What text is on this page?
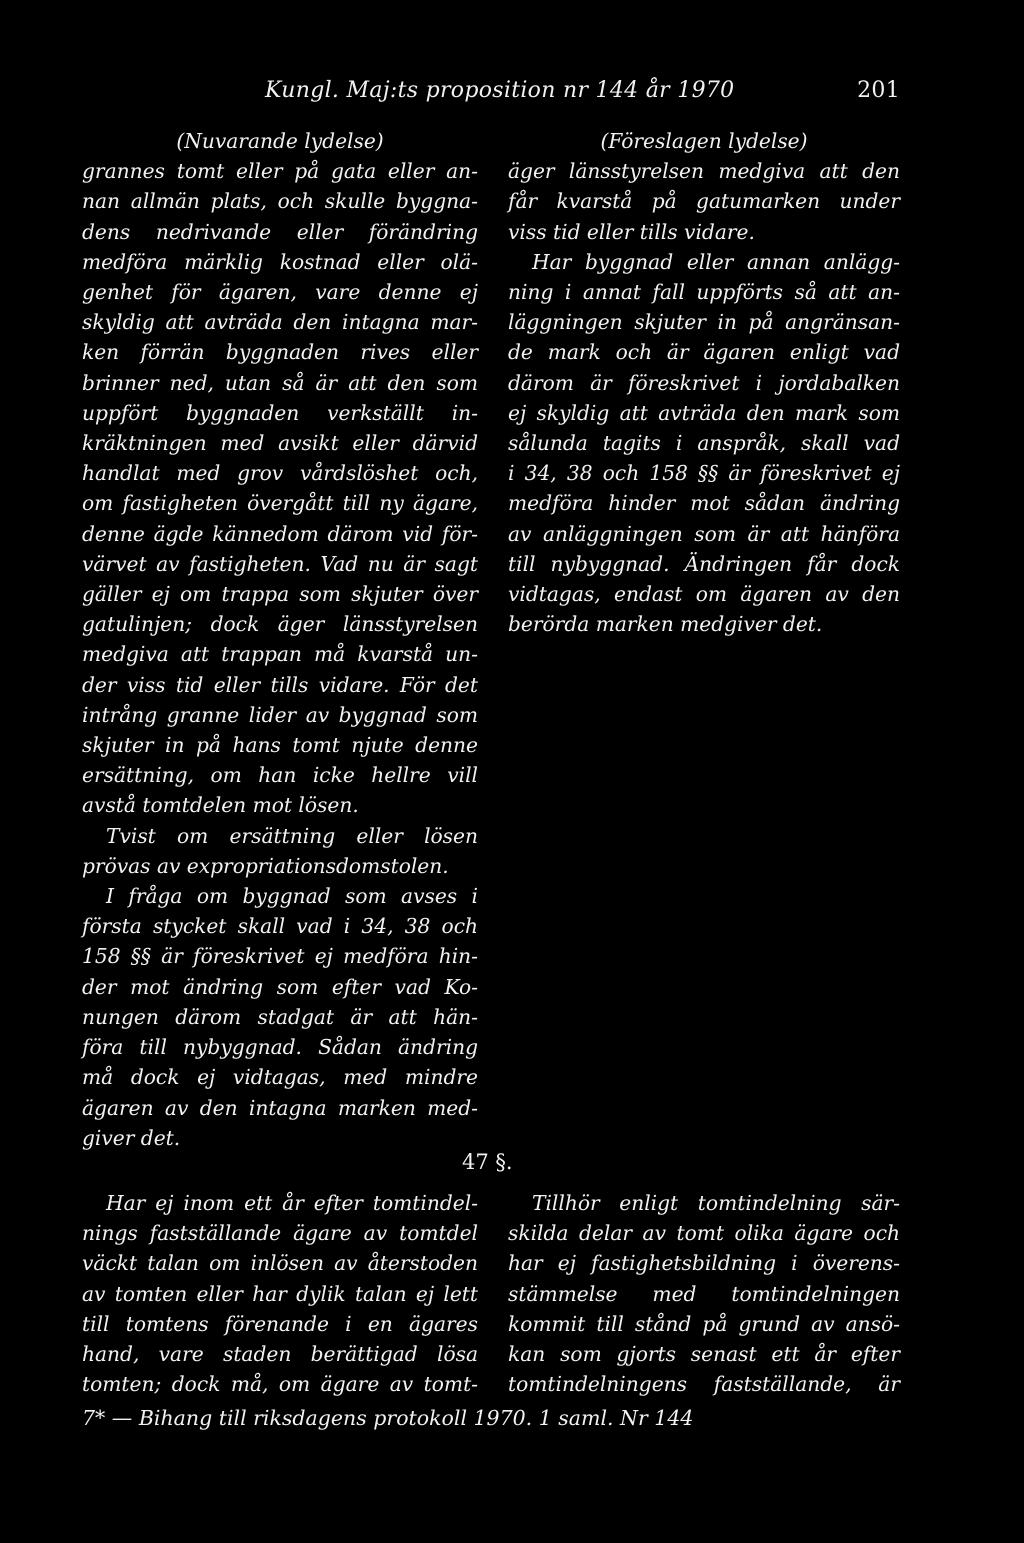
Kungl. Maj:ts proposition nr 144 år 1970	201
(Nuvarande lydelse)
grannes tomt eller på gata eller an-
nan allmän plats, och skulle byggna-
dens nedrivande eller förändring
medföra märklig kostnad eller olä-
genhet för ägaren, vare denne ej
skyldig att avträda den intagna mar-
ken förrän byggnaden rives eller
brinner ned, utan så är att den som
uppfört byggnaden verkställt in-
kräktningen med avsikt eller därvid
handlat med grov vårdslöshet och,
om fastigheten övergått till ny ägare,
denne ägde kännedom därom vid för-
värvet av fastigheten. Vad nu är sagt
gäller ej om trappa som skjuter över
gatulinjen; dock äger länsstyrelsen
medgiva att trappan må kvarstå un-
der viss tid eller tills vidare. För det
intrång granne lider av byggnad som
skjuter in på hans tomt njute denne
ersättning, om han icke hellre vill
avstå tomtdelen mot lösen.
Tvist om ersättning eller lösen
prövas av expropriationsdomstolen.
I fråga om byggnad som avses i
första stycket skall vad i 34, 38 och
158 §§ är föreskrivet ej medföra hin-
der mot ändring som efter vad Ko-
nungen därom stadgat är att hän-
föra till nybyggnad. Sådan ändring
må dock ej vidtagas, med mindre
ägaren av den intagna marken med-
giver det.
(Föreslagen lydelse)
äger länsstyrelsen medgiva att den
får kvarstå på gatumarken under
viss tid eller tills vidare.
Har byggnad eller annan anlägg-
ning i annat fall uppförts så att an-
läggningen skjuter in på angränsan-
de mark och är ägaren enligt vad
därom är föreskrivet i jordabalken
ej skyldig att avträda den mark som
sålunda tagits i anspråk, skall vad
i 34, 38 och 158 §§ är föreskrivet ej
medföra hinder mot sådan ändring
av anläggningen som är att hänföra
till nybyggnad. Ändringen får dock
vidtagas, endast om ägaren av den
berörda marken medgiver det.
47 §.
Har ej inom ett år efter tomtindel-
nings fastställande ägare av tomtdel
väckt talan om inlösen av återstoden
av tomten eller har dylik talan ej lett
till tomtens förenande i en ägares
hand, vare staden berättigad lösa
tomten; dock må, om ägare av tomt-
Tillhör enligt tomtindelning sär-
skilda delar av tomt olika ägare och
har ej fastighetsbildning i överens-
stämmelse med tomtindelningen
kommit till stånd på grund av ansö-
kan som gjorts senast ett år efter
tomtindelningens fastställande, är
7* — Bihang till riksdagens protokoll 1970. 1 saml. Nr 144
